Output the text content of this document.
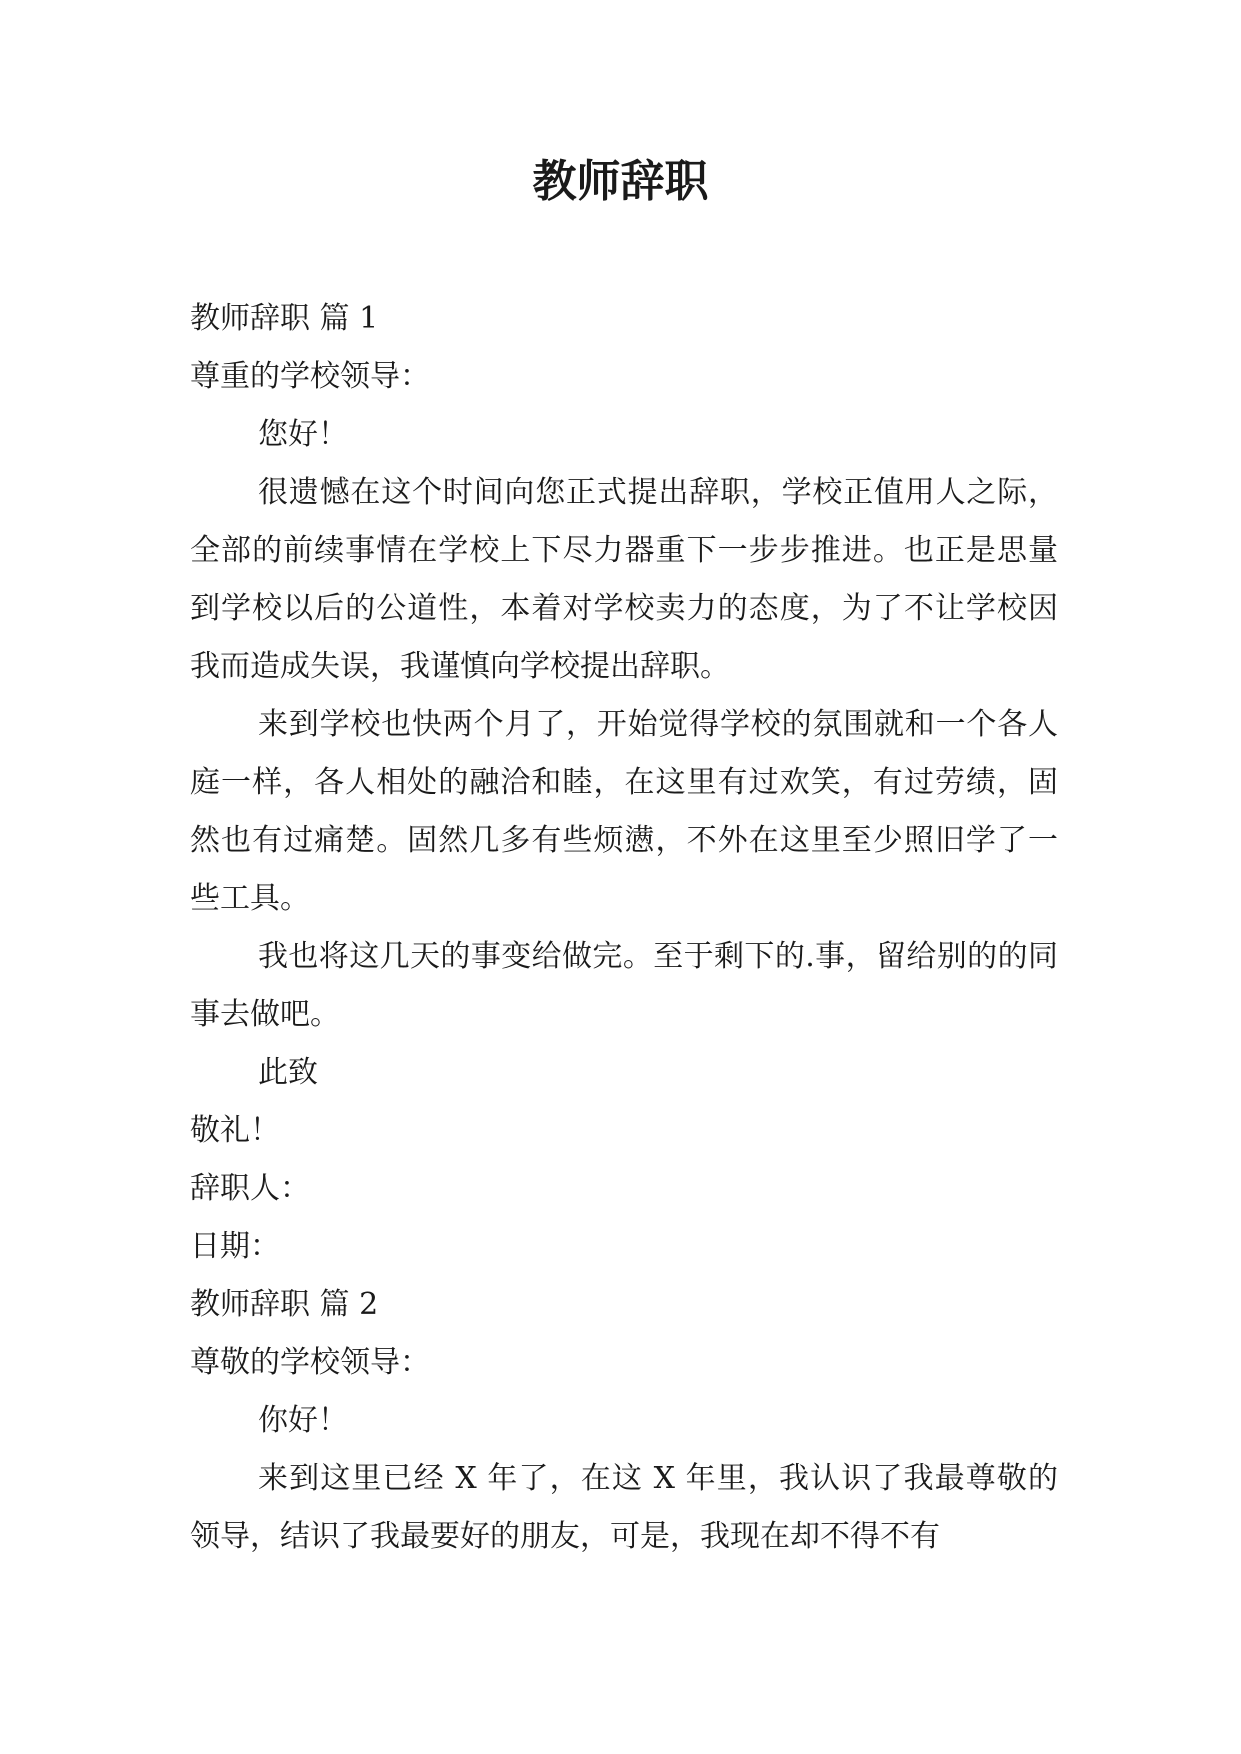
教师辞职

教师辞职 篇 1

尊重的学校领导：

您好！

很遗憾在这个时间向您正式提出辞职，学校正值用人之际，全部的前续事情在学校上下尽力器重下一步步推进。也正是思量到学校以后的公道性，本着对学校卖力的态度，为了不让学校因我而造成失误，我谨慎向学校提出辞职。

来到学校也快两个月了，开始觉得学校的氛围就和一个各人庭一样，各人相处的融洽和睦，在这里有过欢笑，有过劳绩，固然也有过痛楚。固然几多有些烦懑，不外在这里至少照旧学了一些工具。

我也将这几天的事变给做完。至于剩下的.事，留给别的的同事去做吧。

此致

敬礼！

辞职人：

日期：

教师辞职 篇 2

尊敬的学校领导：

你好！

来到这里已经 X 年了，在这 X 年里，我认识了我最尊敬的领导，结识了我最要好的朋友，可是，我现在却不得不有
